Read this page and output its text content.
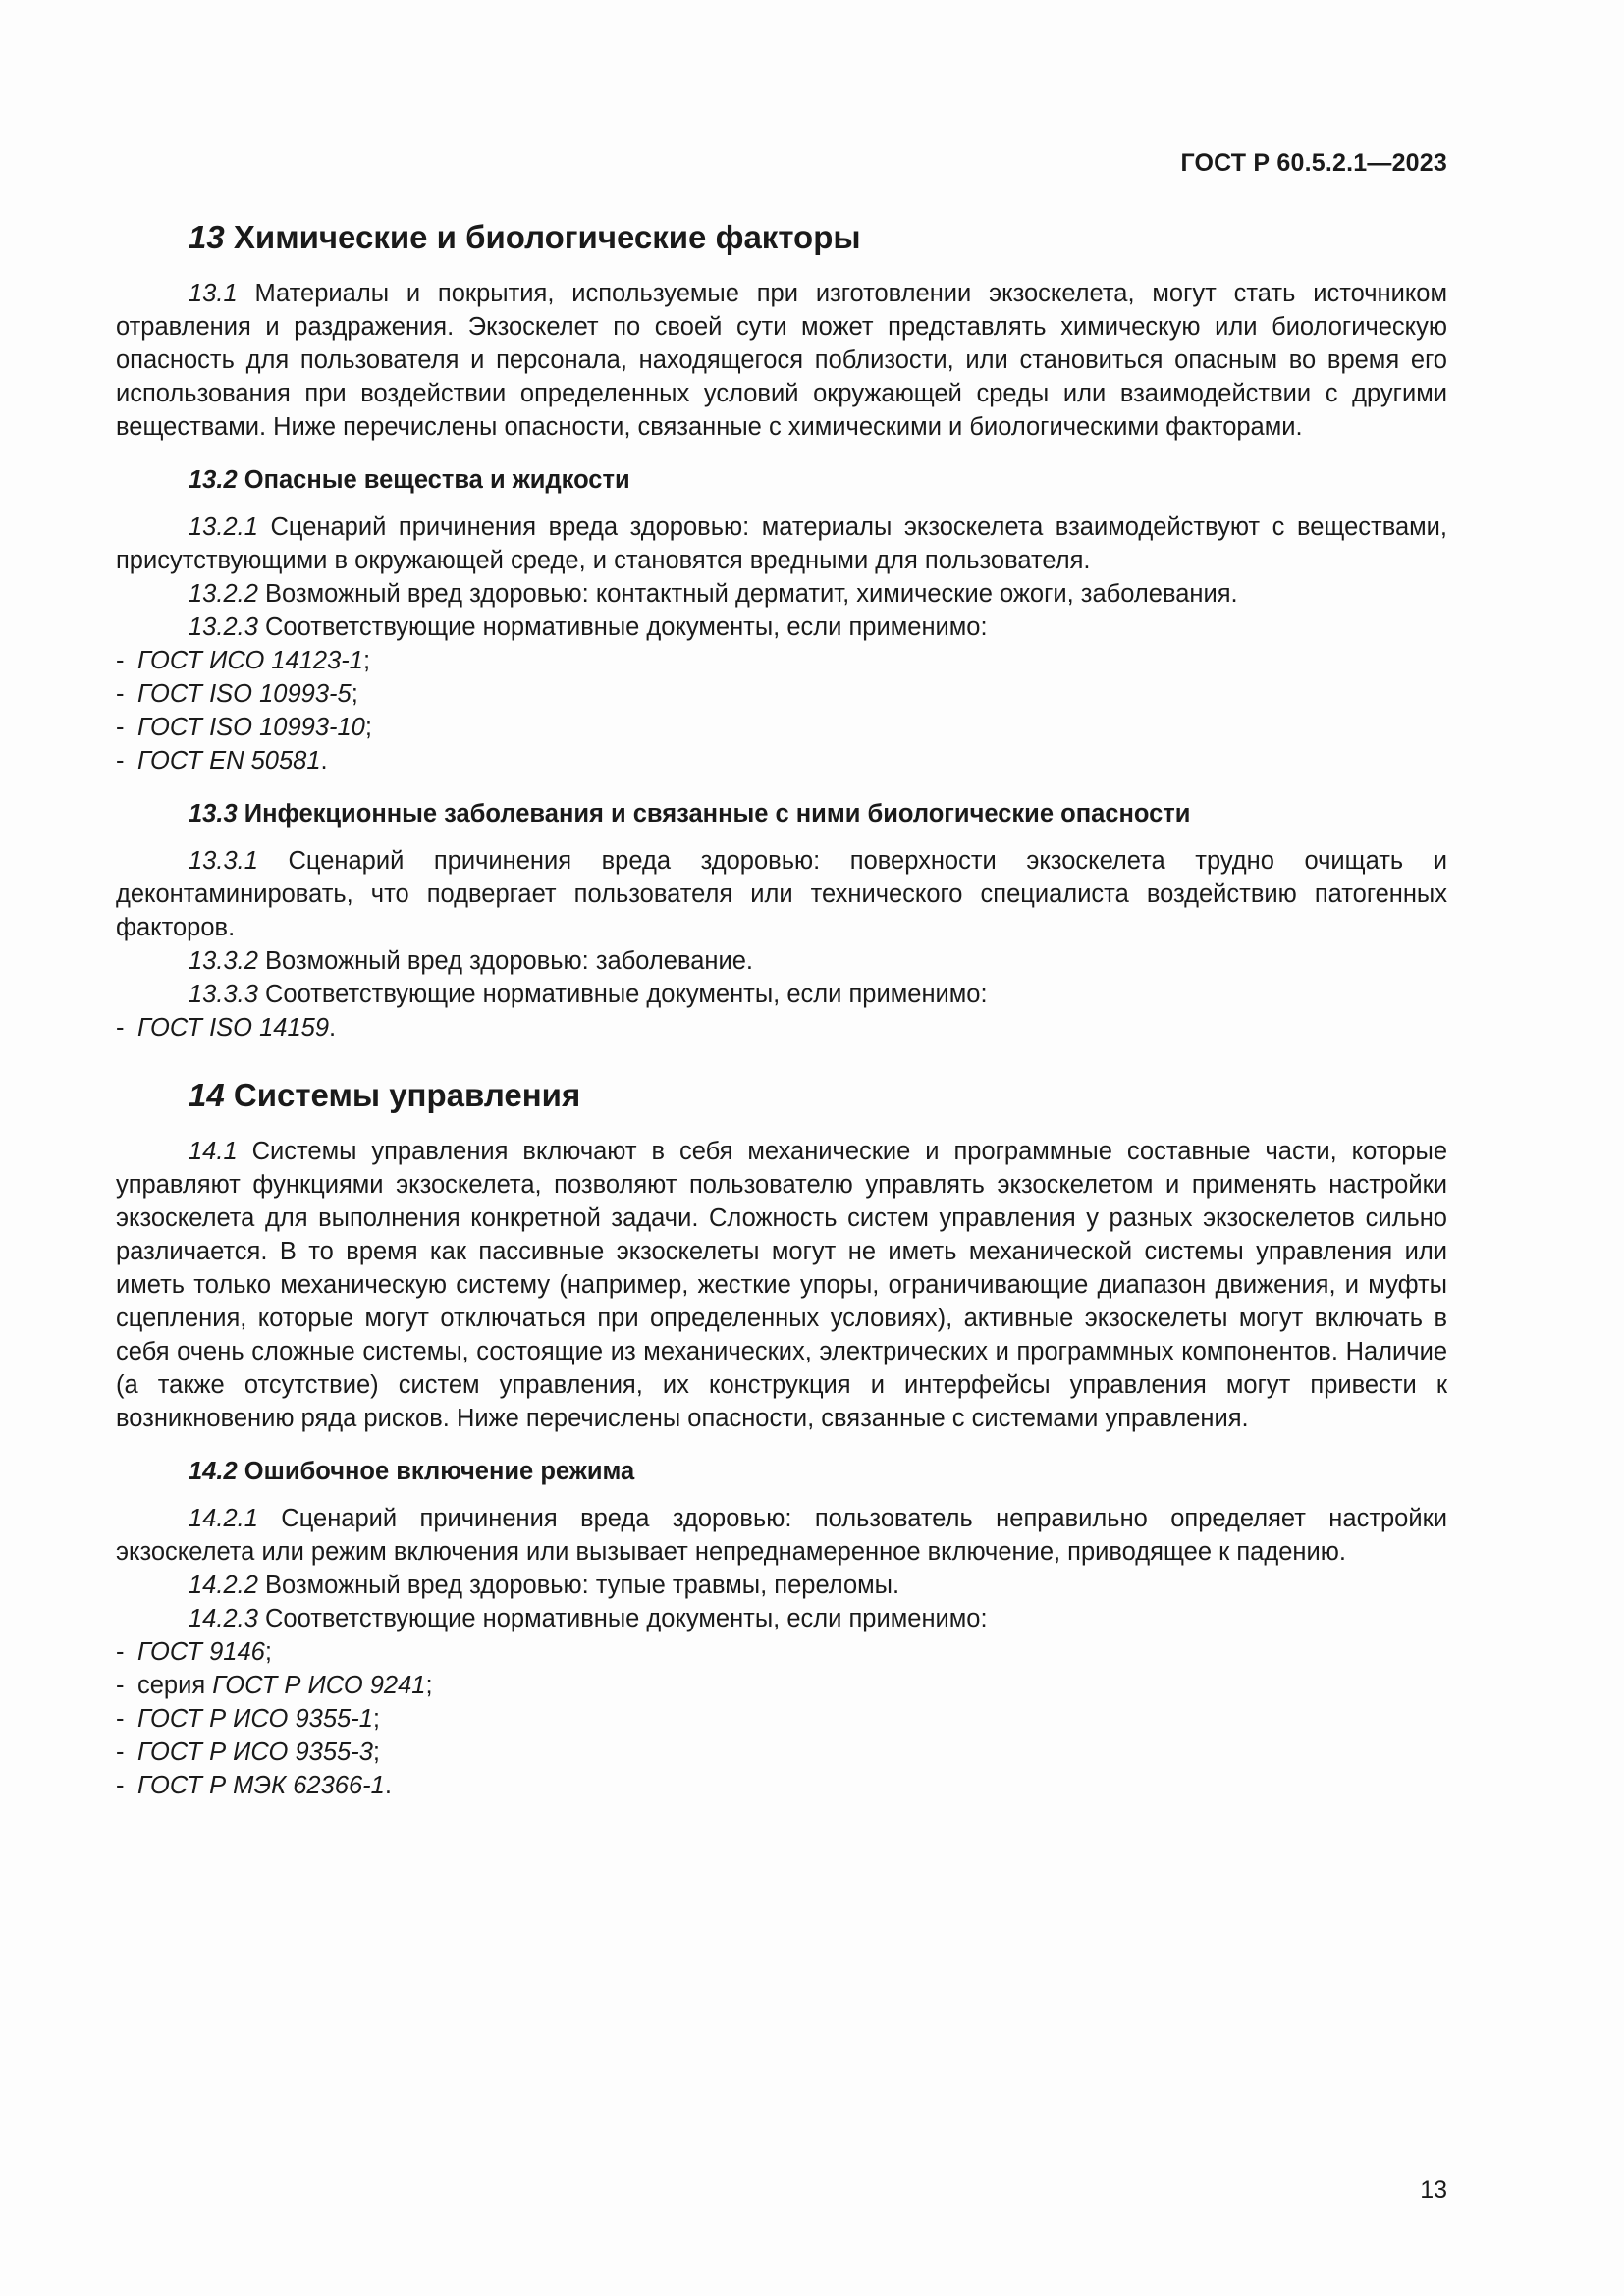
ГОСТ Р 60.5.2.1—2023
13 Химические и биологические факторы

13.1 Материалы и покрытия, используемые при изготовлении экзоскелета, могут стать источником отравления и раздражения. Экзоскелет по своей сути может представлять химическую или биологическую опасность для пользователя и персонала, находящегося поблизости, или становиться опасным во время его использования при воздействии определенных условий окружающей среды или взаимодействии с другими веществами. Ниже перечислены опасности, связанные с химическими и биологическими факторами.

13.2 Опасные вещества и жидкости

13.2.1 Сценарий причинения вреда здоровью: материалы экзоскелета взаимодействуют с веществами, присутствующими в окружающей среде, и становятся вредными для пользователя.

13.2.2 Возможный вред здоровью: контактный дерматит, химические ожоги, заболевания.

13.2.3 Соответствующие нормативные документы, если применимо:

- ГОСТ ИСО 14123-1;
- ГОСТ ISO 10993-5;
- ГОСТ ISO 10993-10;
- ГОСТ EN 50581.
13.3 Инфекционные заболевания и связанные с ними биологические опасности

13.3.1 Сценарий причинения вреда здоровью: поверхности экзоскелета трудно очищать и деконтаминировать, что подвергает пользователя или технического специалиста воздействию патогенных факторов.

13.3.2 Возможный вред здоровью: заболевание.

13.3.3 Соответствующие нормативные документы, если применимо:

- ГОСТ ISO 14159.
14 Системы управления

14.1 Системы управления включают в себя механические и программные составные части, которые управляют функциями экзоскелета, позволяют пользователю управлять экзоскелетом и применять настройки экзоскелета для выполнения конкретной задачи. Сложность систем управления у разных экзоскелетов сильно различается. В то время как пассивные экзоскелеты могут не иметь механической системы управления или иметь только механическую систему (например, жесткие упоры, ограничивающие диапазон движения, и муфты сцепления, которые могут отключаться при определенных условиях), активные экзоскелеты могут включать в себя очень сложные системы, состоящие из механических, электрических и программных компонентов. Наличие (а также отсутствие) систем управления, их конструкция и интерфейсы управления могут привести к возникновению ряда рисков. Ниже перечислены опасности, связанные с системами управления.

14.2 Ошибочное включение режима

14.2.1 Сценарий причинения вреда здоровью: пользователь неправильно определяет настройки экзоскелета или режим включения или вызывает непреднамеренное включение, приводящее к падению.

14.2.2 Возможный вред здоровью: тупые травмы, переломы.

14.2.3 Соответствующие нормативные документы, если применимо:

- ГОСТ 9146;
- серия ГОСТ Р ИСО 9241;
- ГОСТ Р ИСО 9355-1;
- ГОСТ Р ИСО 9355-3;
- ГОСТ Р МЭК 62366-1.
13
